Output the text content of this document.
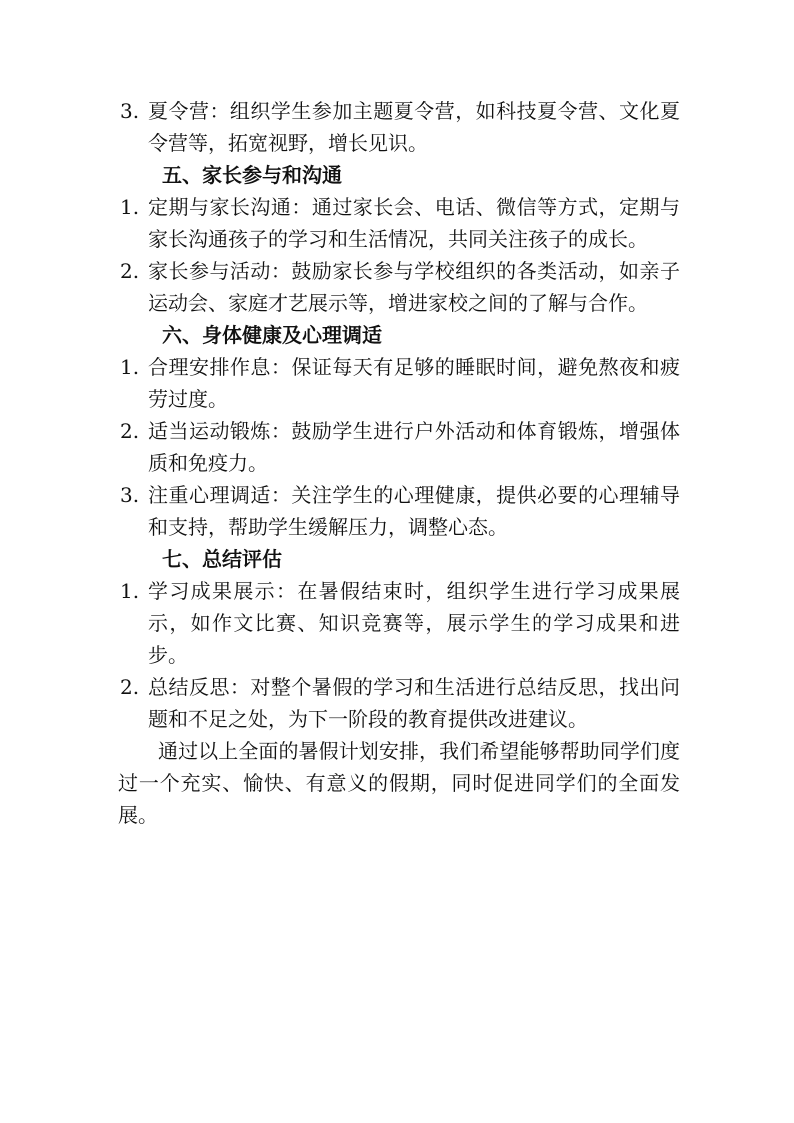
3. 夏令营：组织学生参加主题夏令营，如科技夏令营、文化夏令营等，拓宽视野，增长见识。
五、家长参与和沟通
1. 定期与家长沟通：通过家长会、电话、微信等方式，定期与家长沟通孩子的学习和生活情况，共同关注孩子的成长。
2. 家长参与活动：鼓励家长参与学校组织的各类活动，如亲子运动会、家庭才艺展示等，增进家校之间的了解与合作。
六、身体健康及心理调适
1. 合理安排作息：保证每天有足够的睡眠时间，避免熬夜和疲劳过度。
2. 适当运动锻炼：鼓励学生进行户外活动和体育锻炼，增强体质和免疫力。
3. 注重心理调适：关注学生的心理健康，提供必要的心理辅导和支持，帮助学生缓解压力，调整心态。
七、总结评估
1. 学习成果展示：在暑假结束时，组织学生进行学习成果展示，如作文比赛、知识竞赛等，展示学生的学习成果和进步。
2. 总结反思：对整个暑假的学习和生活进行总结反思，找出问题和不足之处，为下一阶段的教育提供改进建议。
通过以上全面的暑假计划安排，我们希望能够帮助同学们度过一个充实、愉快、有意义的假期，同时促进同学们的全面发展。
